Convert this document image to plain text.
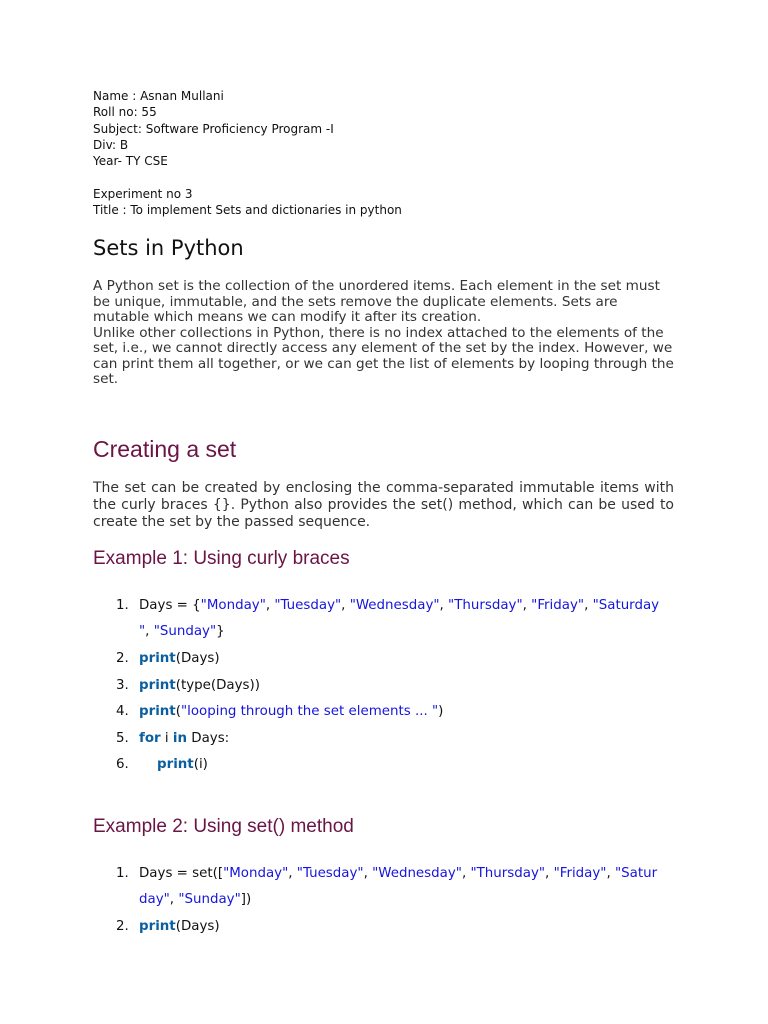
Name : Asnan Mullani
Roll no: 55
Subject: Software Proficiency Program -I
Div: B
Year- TY CSE
Experiment no 3
Title : To implement Sets and dictionaries in python
Sets in Python
A Python set is the collection of the unordered items. Each element in the set must be unique, immutable, and the sets remove the duplicate elements. Sets are mutable which means we can modify it after its creation.
Unlike other collections in Python, there is no index attached to the elements of the set, i.e., we cannot directly access any element of the set by the index. However, we can print them all together, or we can get the list of elements by looping through the set.
Creating a set
The set can be created by enclosing the comma-separated immutable items with the curly braces {}. Python also provides the set() method, which can be used to create the set by the passed sequence.
Example 1: Using curly braces
1. Days = {"Monday", "Tuesday", "Wednesday", "Thursday", "Friday", "Saturday
", "Sunday"}
2. print(Days)
3. print(type(Days))
4. print("looping through the set elements ... ")
5. for i in Days:
6. print(i)
Example 2: Using set() method
1. Days = set(["Monday", "Tuesday", "Wednesday", "Thursday", "Friday", "Satur
day", "Sunday"])
2. print(Days)
